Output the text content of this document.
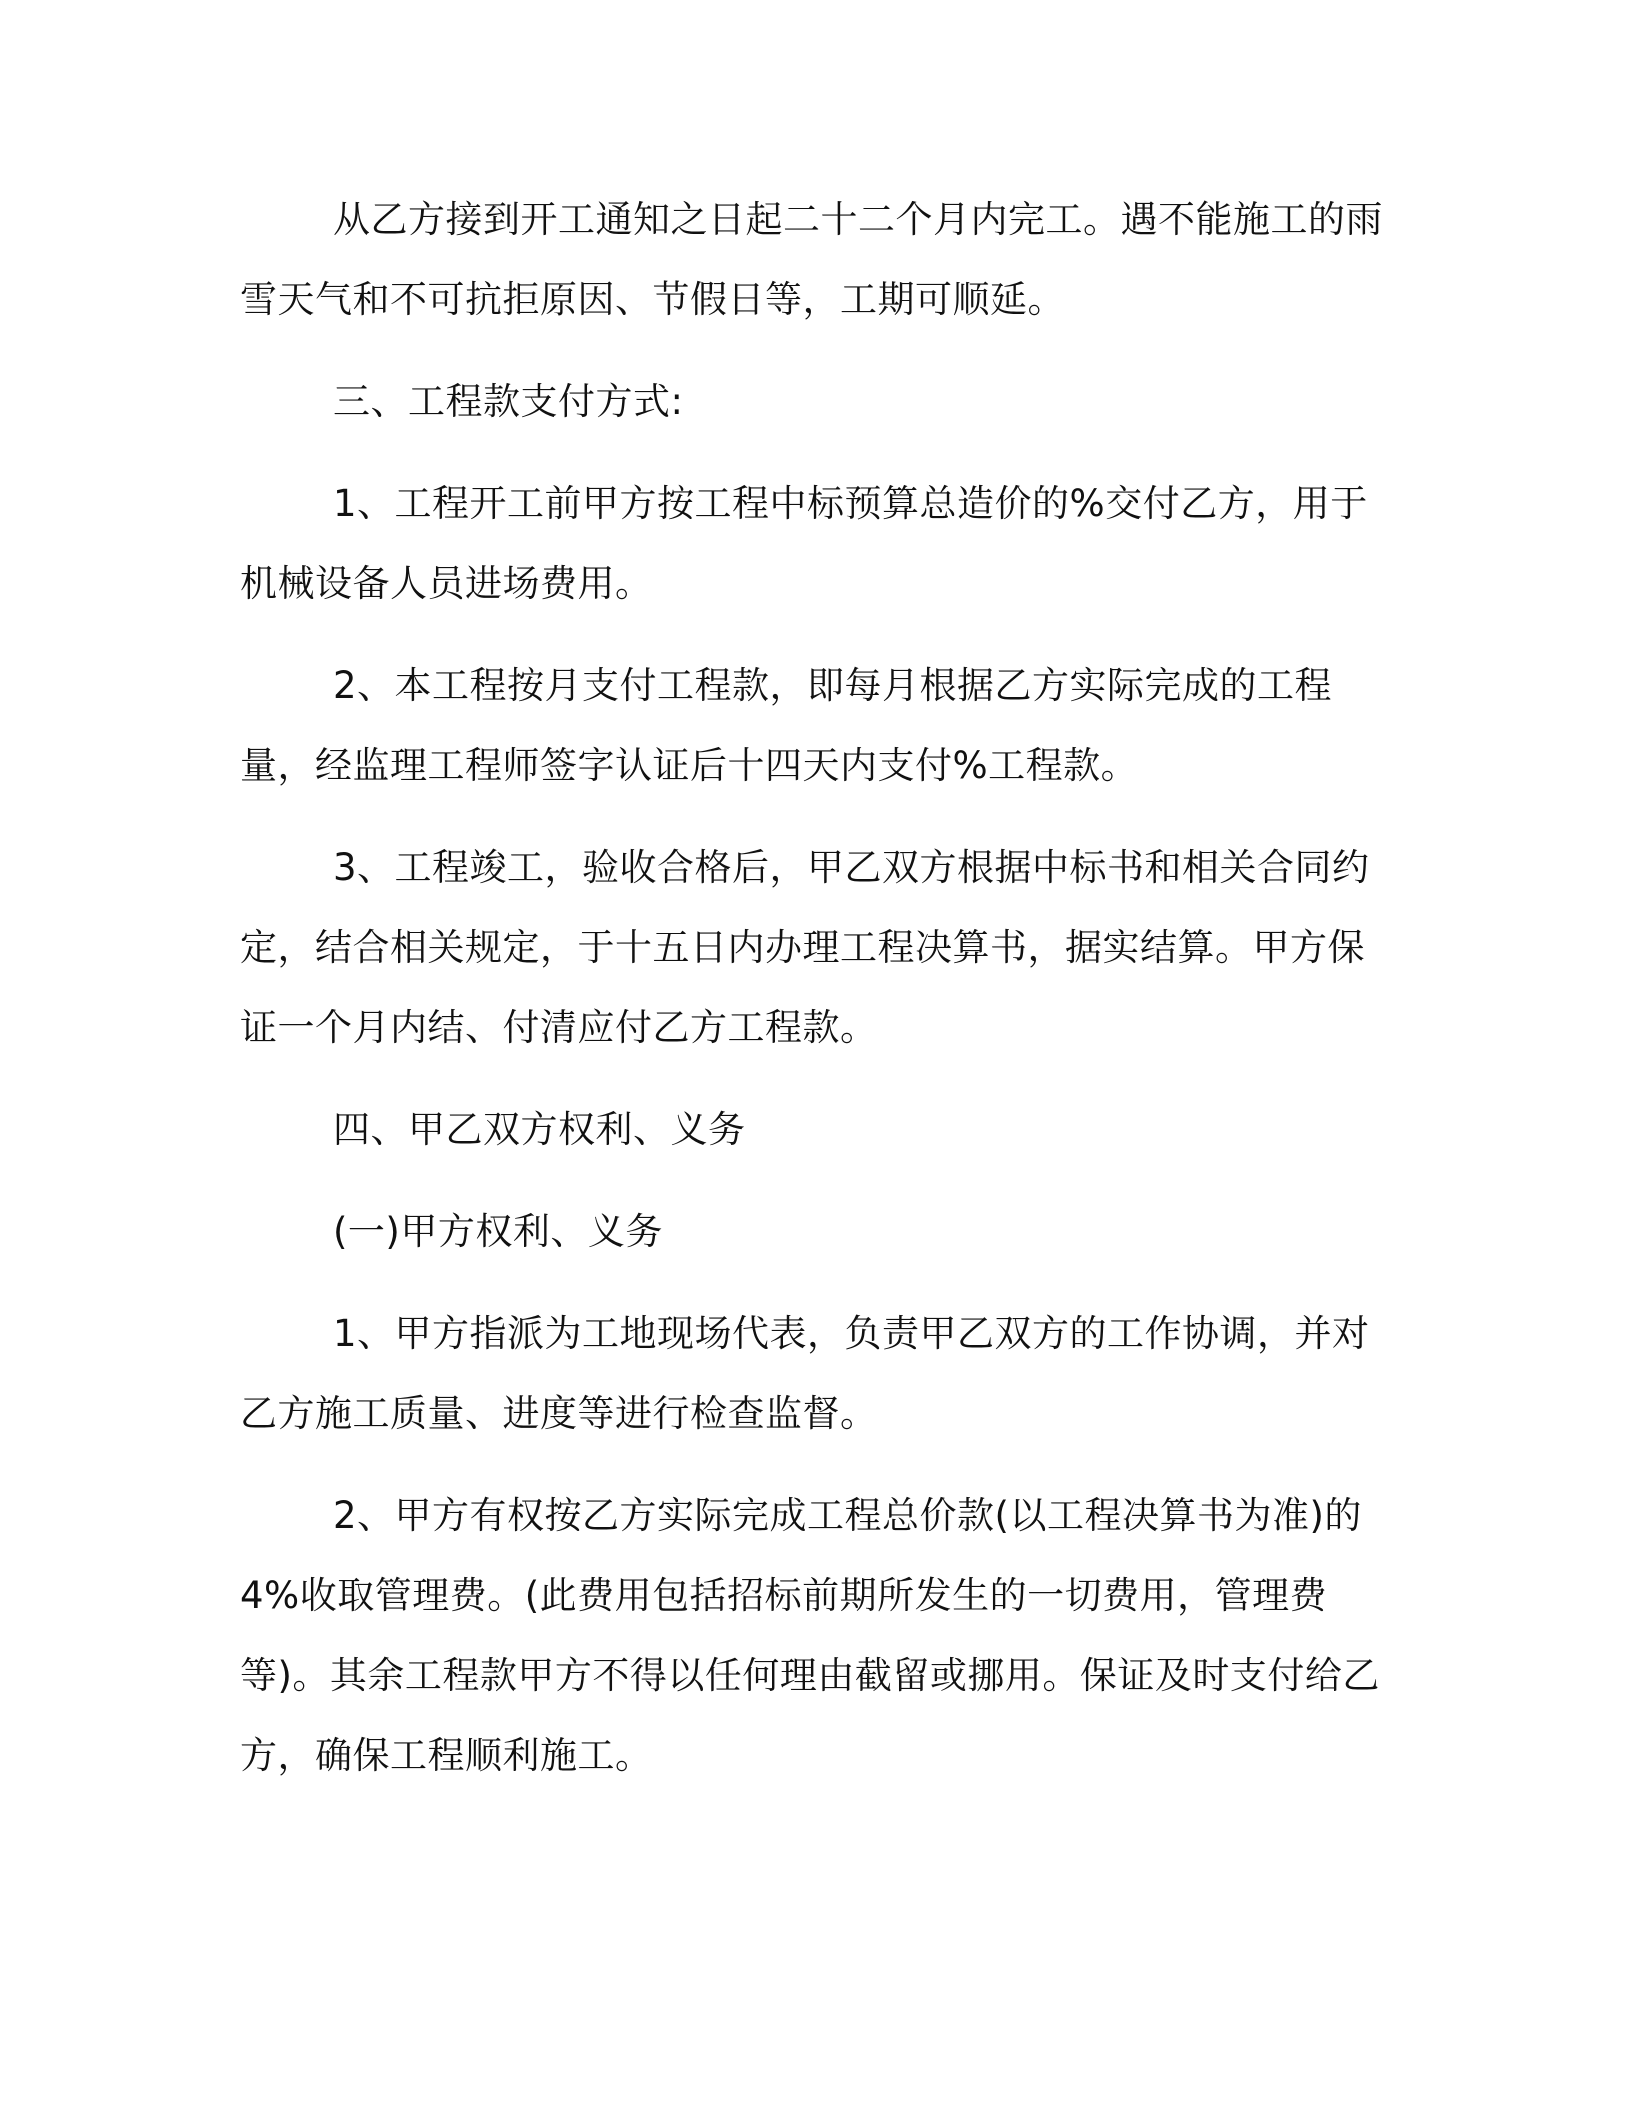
从乙方接到开工通知之日起二十二个月内完工。遇不能施工的雨雪天气和不可抗拒原因、节假日等，工期可顺延。

三、工程款支付方式:

1、工程开工前甲方按工程中标预算总造价的%交付乙方，用于机械设备人员进场费用。

2、本工程按月支付工程款，即每月根据乙方实际完成的工程量，经监理工程师签字认证后十四天内支付%工程款。

3、工程竣工，验收合格后，甲乙双方根据中标书和相关合同约定，结合相关规定，于十五日内办理工程决算书，据实结算。甲方保证一个月内结、付清应付乙方工程款。

四、甲乙双方权利、义务

(一)甲方权利、义务

1、甲方指派为工地现场代表，负责甲乙双方的工作协调，并对乙方施工质量、进度等进行检查监督。

2、甲方有权按乙方实际完成工程总价款(以工程决算书为准)的4%收取管理费。(此费用包括招标前期所发生的一切费用，管理费等)。其余工程款甲方不得以任何理由截留或挪用。保证及时支付给乙方，确保工程顺利施工。
